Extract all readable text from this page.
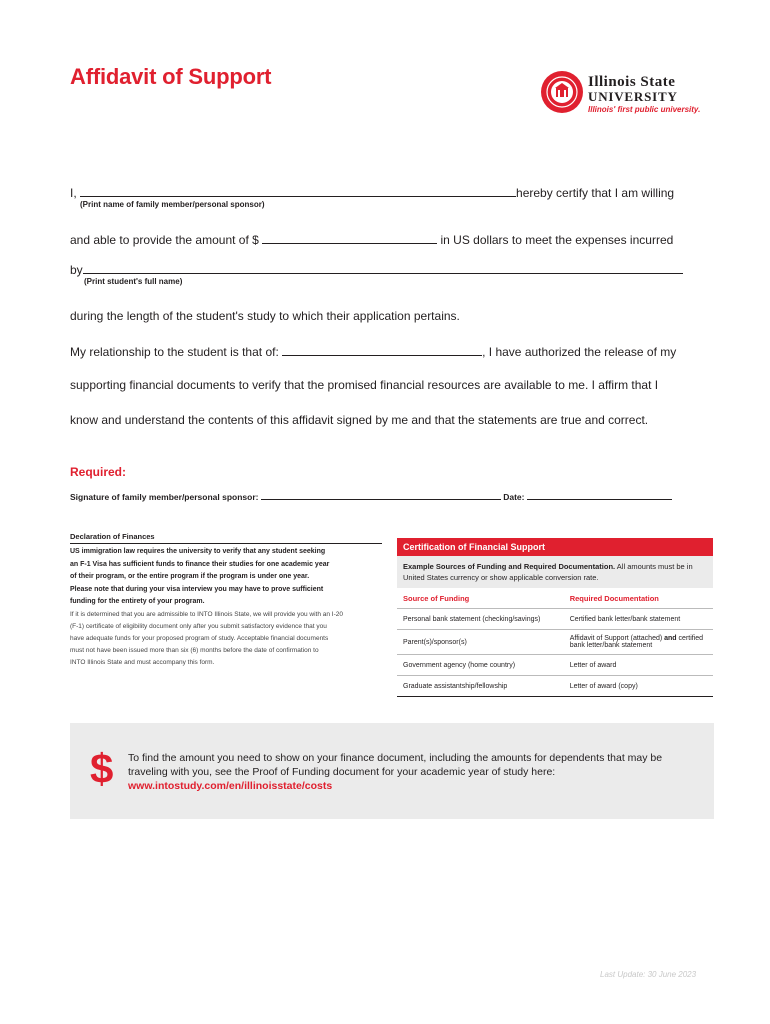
Affidavit of Support	Illinois State
UNIVERSITY
Illinois' first public university.
I,	hereby certify that I am willing
(Print name of family member/personal sponsor)
and able to provide the amount of $	in US dollars to meet the expenses incurred
by
(Print student's full name)
during the length of the student's study to which their application pertains.
My relationship to the student is that of:	, I have authorized the release of my
supporting financial documents to verify that the promised financial resources are available to me. I affirm that I
know and understand the contents of this affidavit signed by me and that the statements are true and correct.
Required:
Signature of family member/personal sponsor:	Date:
Declaration of Finances
US immigration law requires the university to verify that any student seeking
an F-1 Visa has sufficient funds to finance their studies for one academic year
of their program, or the entire program if the program is under one year.
Please note that during your visa interview you may have to prove sufficient
funding for the entirety of your program.
If it is determined that you are admissible to INTO Illinois State, we will provide you with an I-20
(F-1) certificate of eligibility document only after you submit satisfactory evidence that you
have adequate funds for your proposed program of study. Acceptable financial documents
must not have been issued more than six (6) months before the date of confirmation to
INTO Illinois State and must accompany this form.
Certification of Financial Support
Example Sources of Funding and Required Documentation. All amounts must be in United States currency or show applicable conversion rate.
Source of Funding	Required Documentation
Personal bank statement (checking/savings)	Certified bank letter/bank statement
Parent(s)/sponsor(s)	Affidavit of Support (attached) and certified bank letter/bank statement
Government agency (home country)	Letter of award
Graduate assistantship/fellowship	Letter of award (copy)
$ To find the amount you need to show on your finance document, including the amounts for dependents that may be traveling with you, see the Proof of Funding document for your academic year of study here:
www.intostudy.com/en/illinoisstate/costs
Last Update: 30 June 2023
